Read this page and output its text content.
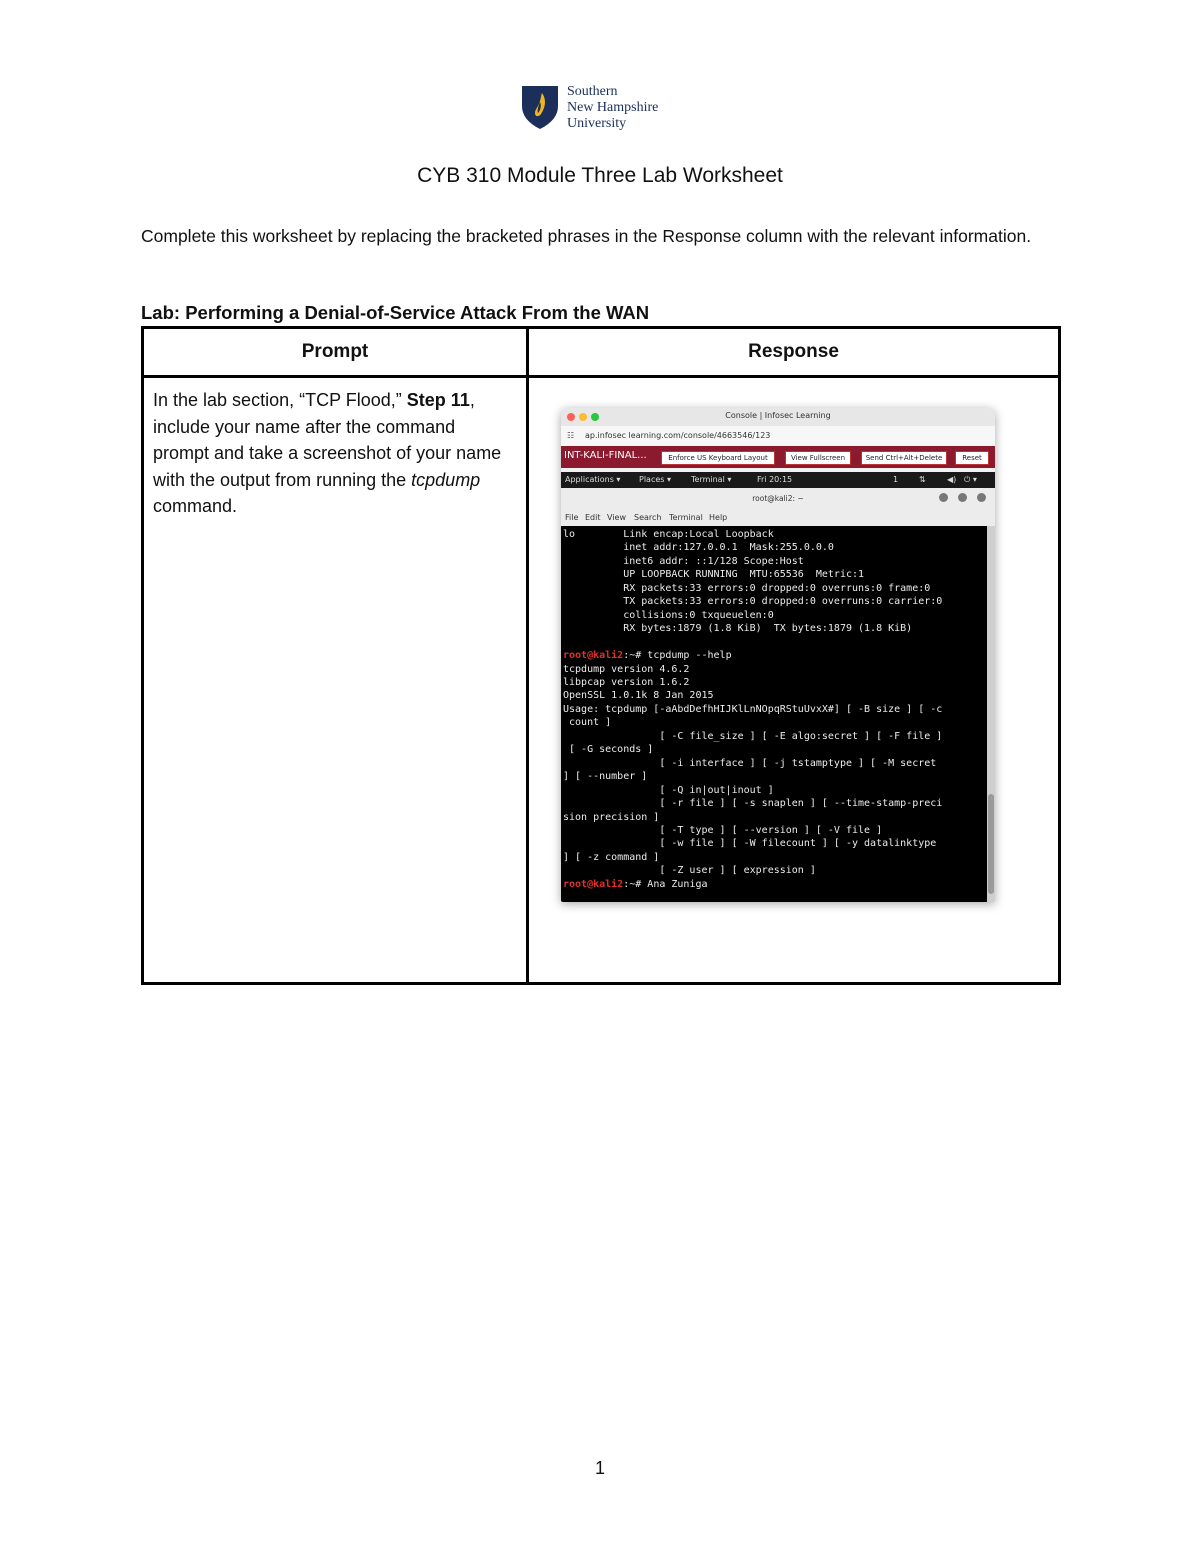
Southern
New Hampshire
University
CYB 310 Module Three Lab Worksheet
Complete this worksheet by replacing the bracketed phrases in the Response column with the relevant information.
Lab: Performing a Denial-of-Service Attack From the WAN
Prompt	Response
In the lab section, “TCP Flood,” Step 11, include your name after the command prompt and take a screenshot of your name with the output from running the tcpdump command.
Console | Infosec Learning
☷ ap.infosec learning.com/console/4663546/123
INT-KALI-FINAL...	Enforce US Keyboard Layout	View Fullscreen	Send Ctrl+Alt+Delete	Reset
Applications ▾ Places ▾	Terminal ▾	Fri 20:15	1	⇅	◀) ⏻ ▾
root@kali2: ~
File Edit View Search Terminal Help
lo        Link encap:Local Loopback
inet addr:127.0.0.1  Mask:255.0.0.0
inet6 addr: ::1/128 Scope:Host
UP LOOPBACK RUNNING  MTU:65536  Metric:1
RX packets:33 errors:0 dropped:0 overruns:0 frame:0
TX packets:33 errors:0 dropped:0 overruns:0 carrier:0
collisions:0 txqueuelen:0
RX bytes:1879 (1.8 KiB)  TX bytes:1879 (1.8 KiB)

root@kali2:~# tcpdump --help
tcpdump version 4.6.2
libpcap version 1.6.2
OpenSSL 1.0.1k 8 Jan 2015
Usage: tcpdump [-aAbdDefhHIJKlLnNOpqRStuUvxX#] [ -B size ] [ -c
count ]
[ -C file_size ] [ -E algo:secret ] [ -F file ]
[ -G seconds ]
[ -i interface ] [ -j tstamptype ] [ -M secret
] [ --number ]
[ -Q in|out|inout ]
[ -r file ] [ -s snaplen ] [ --time-stamp-preci
sion precision ]
[ -T type ] [ --version ] [ -V file ]
[ -w file ] [ -W filecount ] [ -y datalinktype
] [ -z command ]
[ -Z user ] [ expression ]
root@kali2:~# Ana Zuniga
1
